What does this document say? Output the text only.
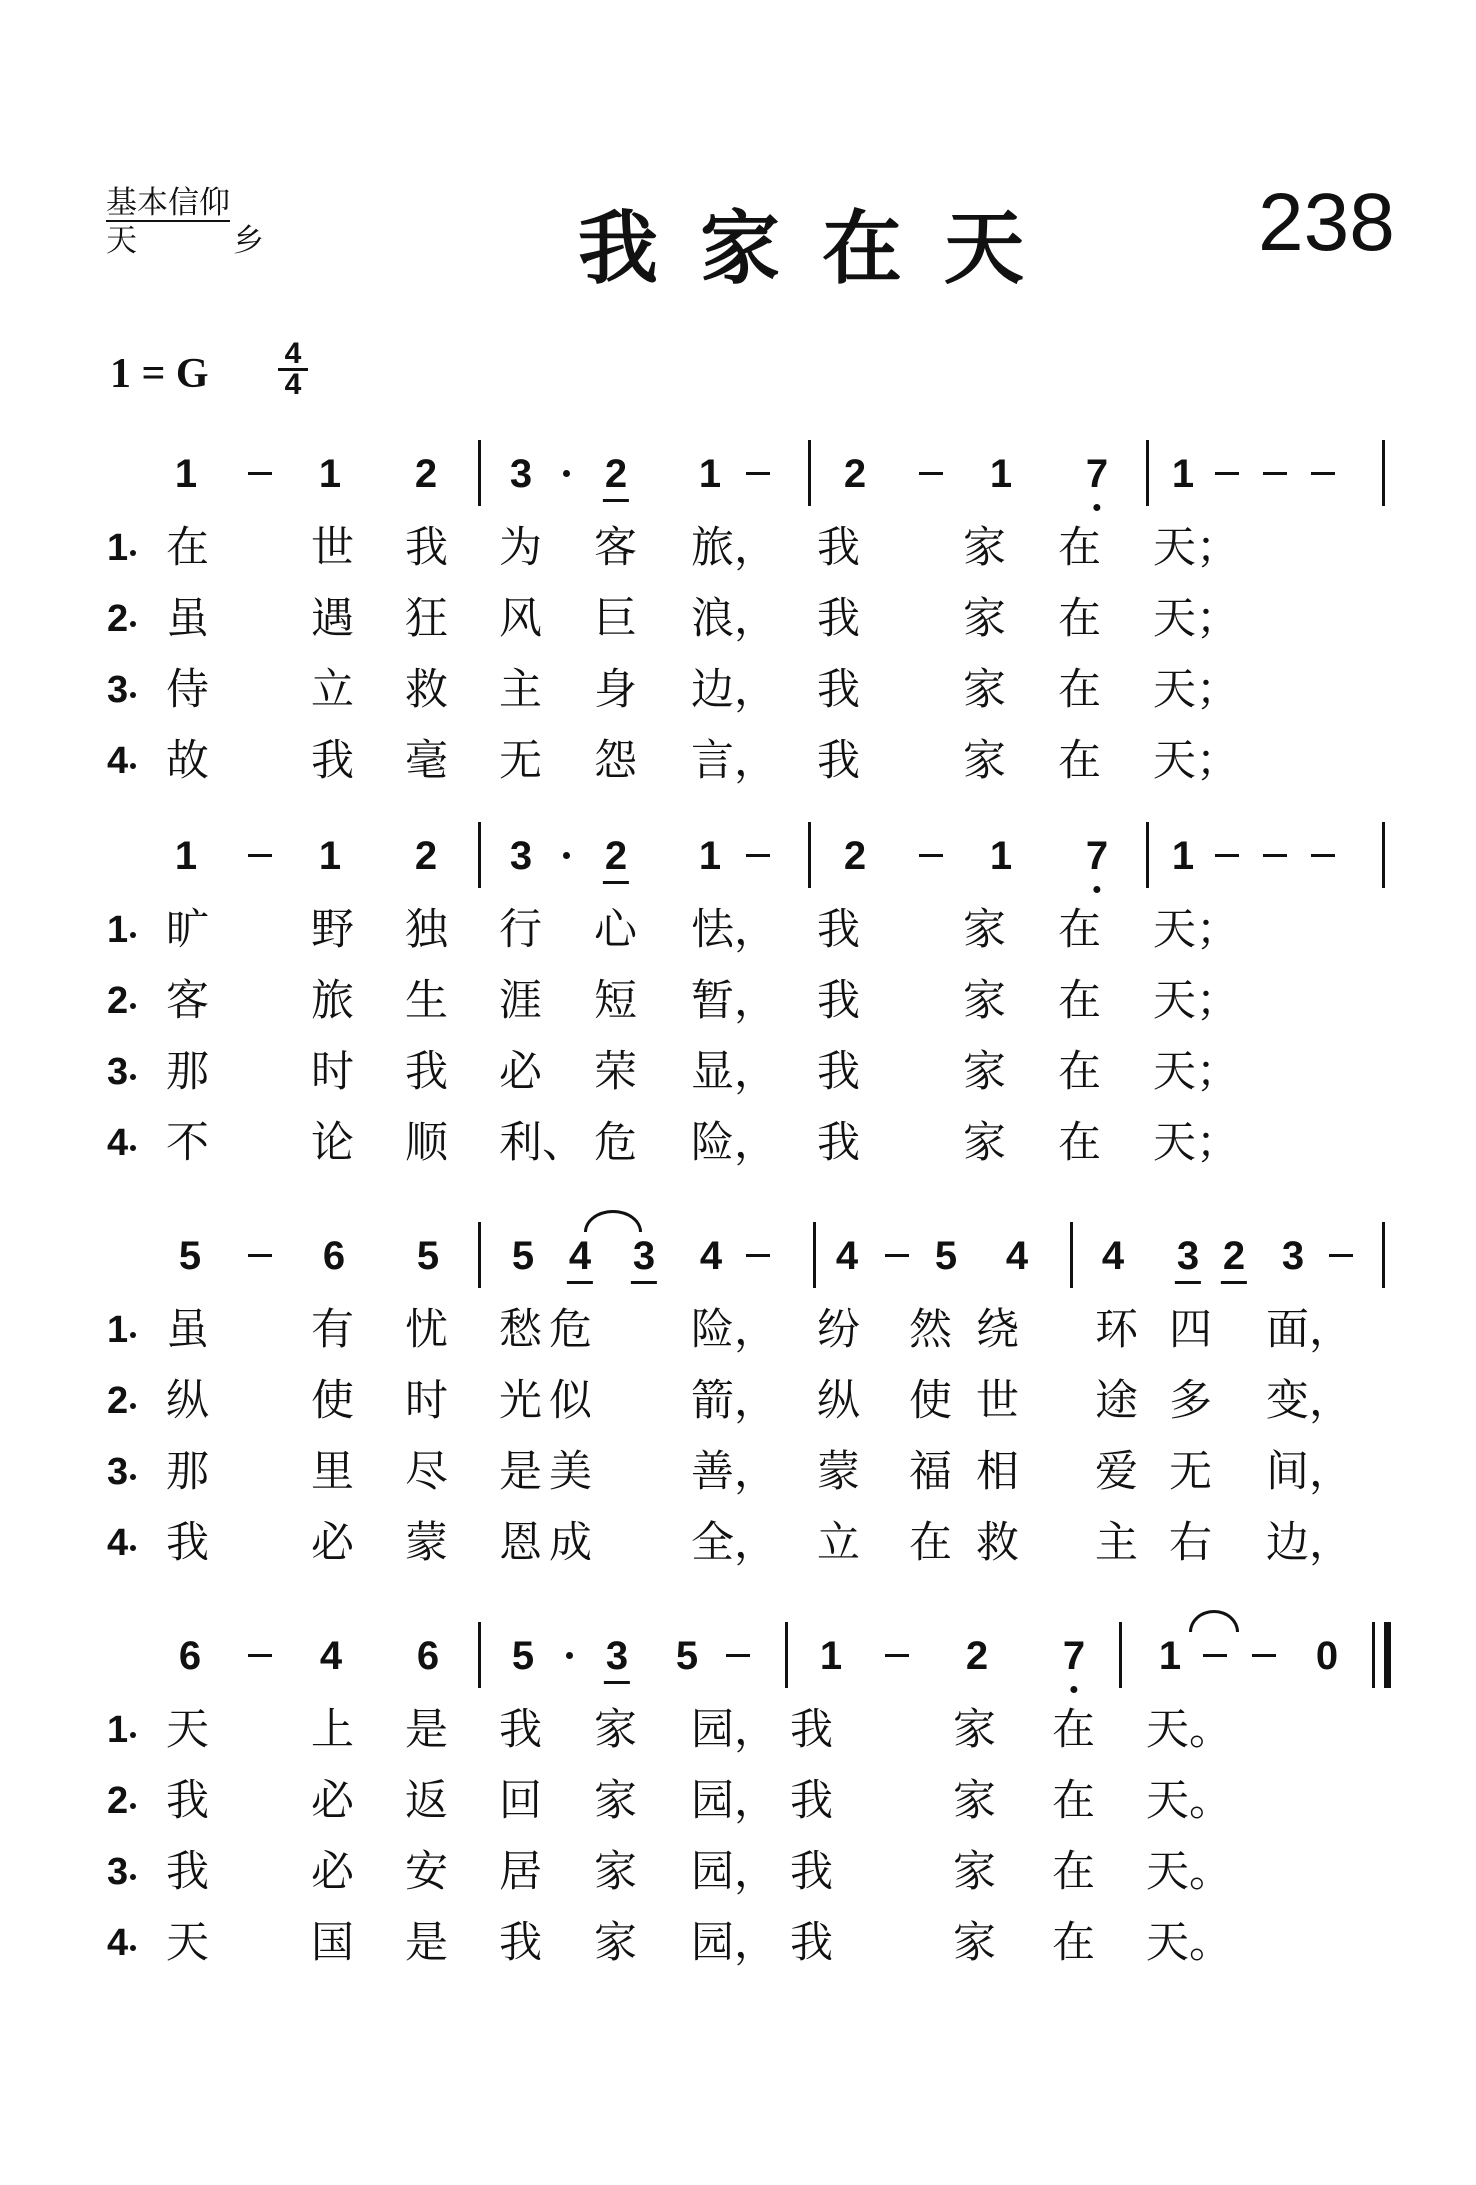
基本信仰
天	乡	我家在天 238
1 = G $\frac{4}{4}$
1	1 2 3 2 1	2	1 7 1
1 在 世 我 为 客 旅， 我 家 在 天；
2 虽 遇 狂 风 巨 浪， 我 家 在 天；
3 侍 立 救 主 身 边， 我 家 在 天；
4 故 我 毫 无 怨 言， 我 家 在 天；
1	1 2 3 2 1	2	1 7 1
1 旷 野 独 行 心 怯， 我 家 在 天；
2 客 旅 生 涯 短 暂， 我 家 在 天；
3 那 时 我 必 荣 显， 我 家 在 天；
4 不 论 顺 利、 危 险， 我 家 在 天；
5	6 5 5 4 3 4	4 5 4 4 3 2 3
1 虽 有 忧 愁 危 险， 纷 然 绕 环 四 面，
2 纵 使 时 光 似 箭， 纵 使 世 途 多 变，
3 那 里 尽 是 美 善， 蒙 福 相 爱 无 间，
4 我 必 蒙 恩 成 全， 立 在 救 主 右 边，
6	4 6 5 3 5	1	2 7 1	0
1 天 上 是 我 家 园， 我	家 在 天。
2 我 必 返 回 家 园， 我	家 在 天。
3 我 必 安 居 家 园， 我	家 在 天。
4 天 国 是 我 家 园， 我	家 在 天。
